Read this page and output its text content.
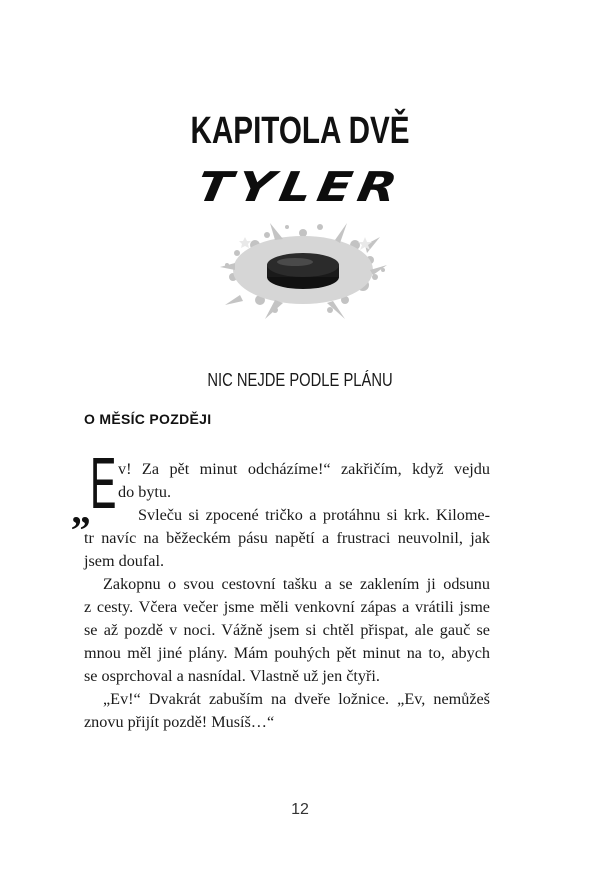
KAPITOLA DVĚ
TYLER
NIC NEJDE PODLE PLÁNU
O MĚSÍC POZDĚJI
„ E v! Za pět minut odcházíme!“ zakřičím, když vejdu
do bytu.
Svleču si zpocené tričko a protáhnu si krk. Kilome-
tr navíc na běžeckém pásu napětí a frustraci neuvolnil, jak
jsem doufal.
Zakopnu o svou cestovní tašku a se zaklením ji odsunu
z cesty. Včera večer jsme měli venkovní zápas a vrátili jsme
se až pozdě v noci. Vážně jsem si chtěl přispat, ale gauč se
mnou měl jiné plány. Mám pouhých pět minut na to, abych
se osprchoval a nasnídal. Vlastně už jen čtyři.
„Ev!“ Dvakrát zabuším na dveře ložnice. „Ev, nemůžeš
znovu přijít pozdě! Musíš…“
12
